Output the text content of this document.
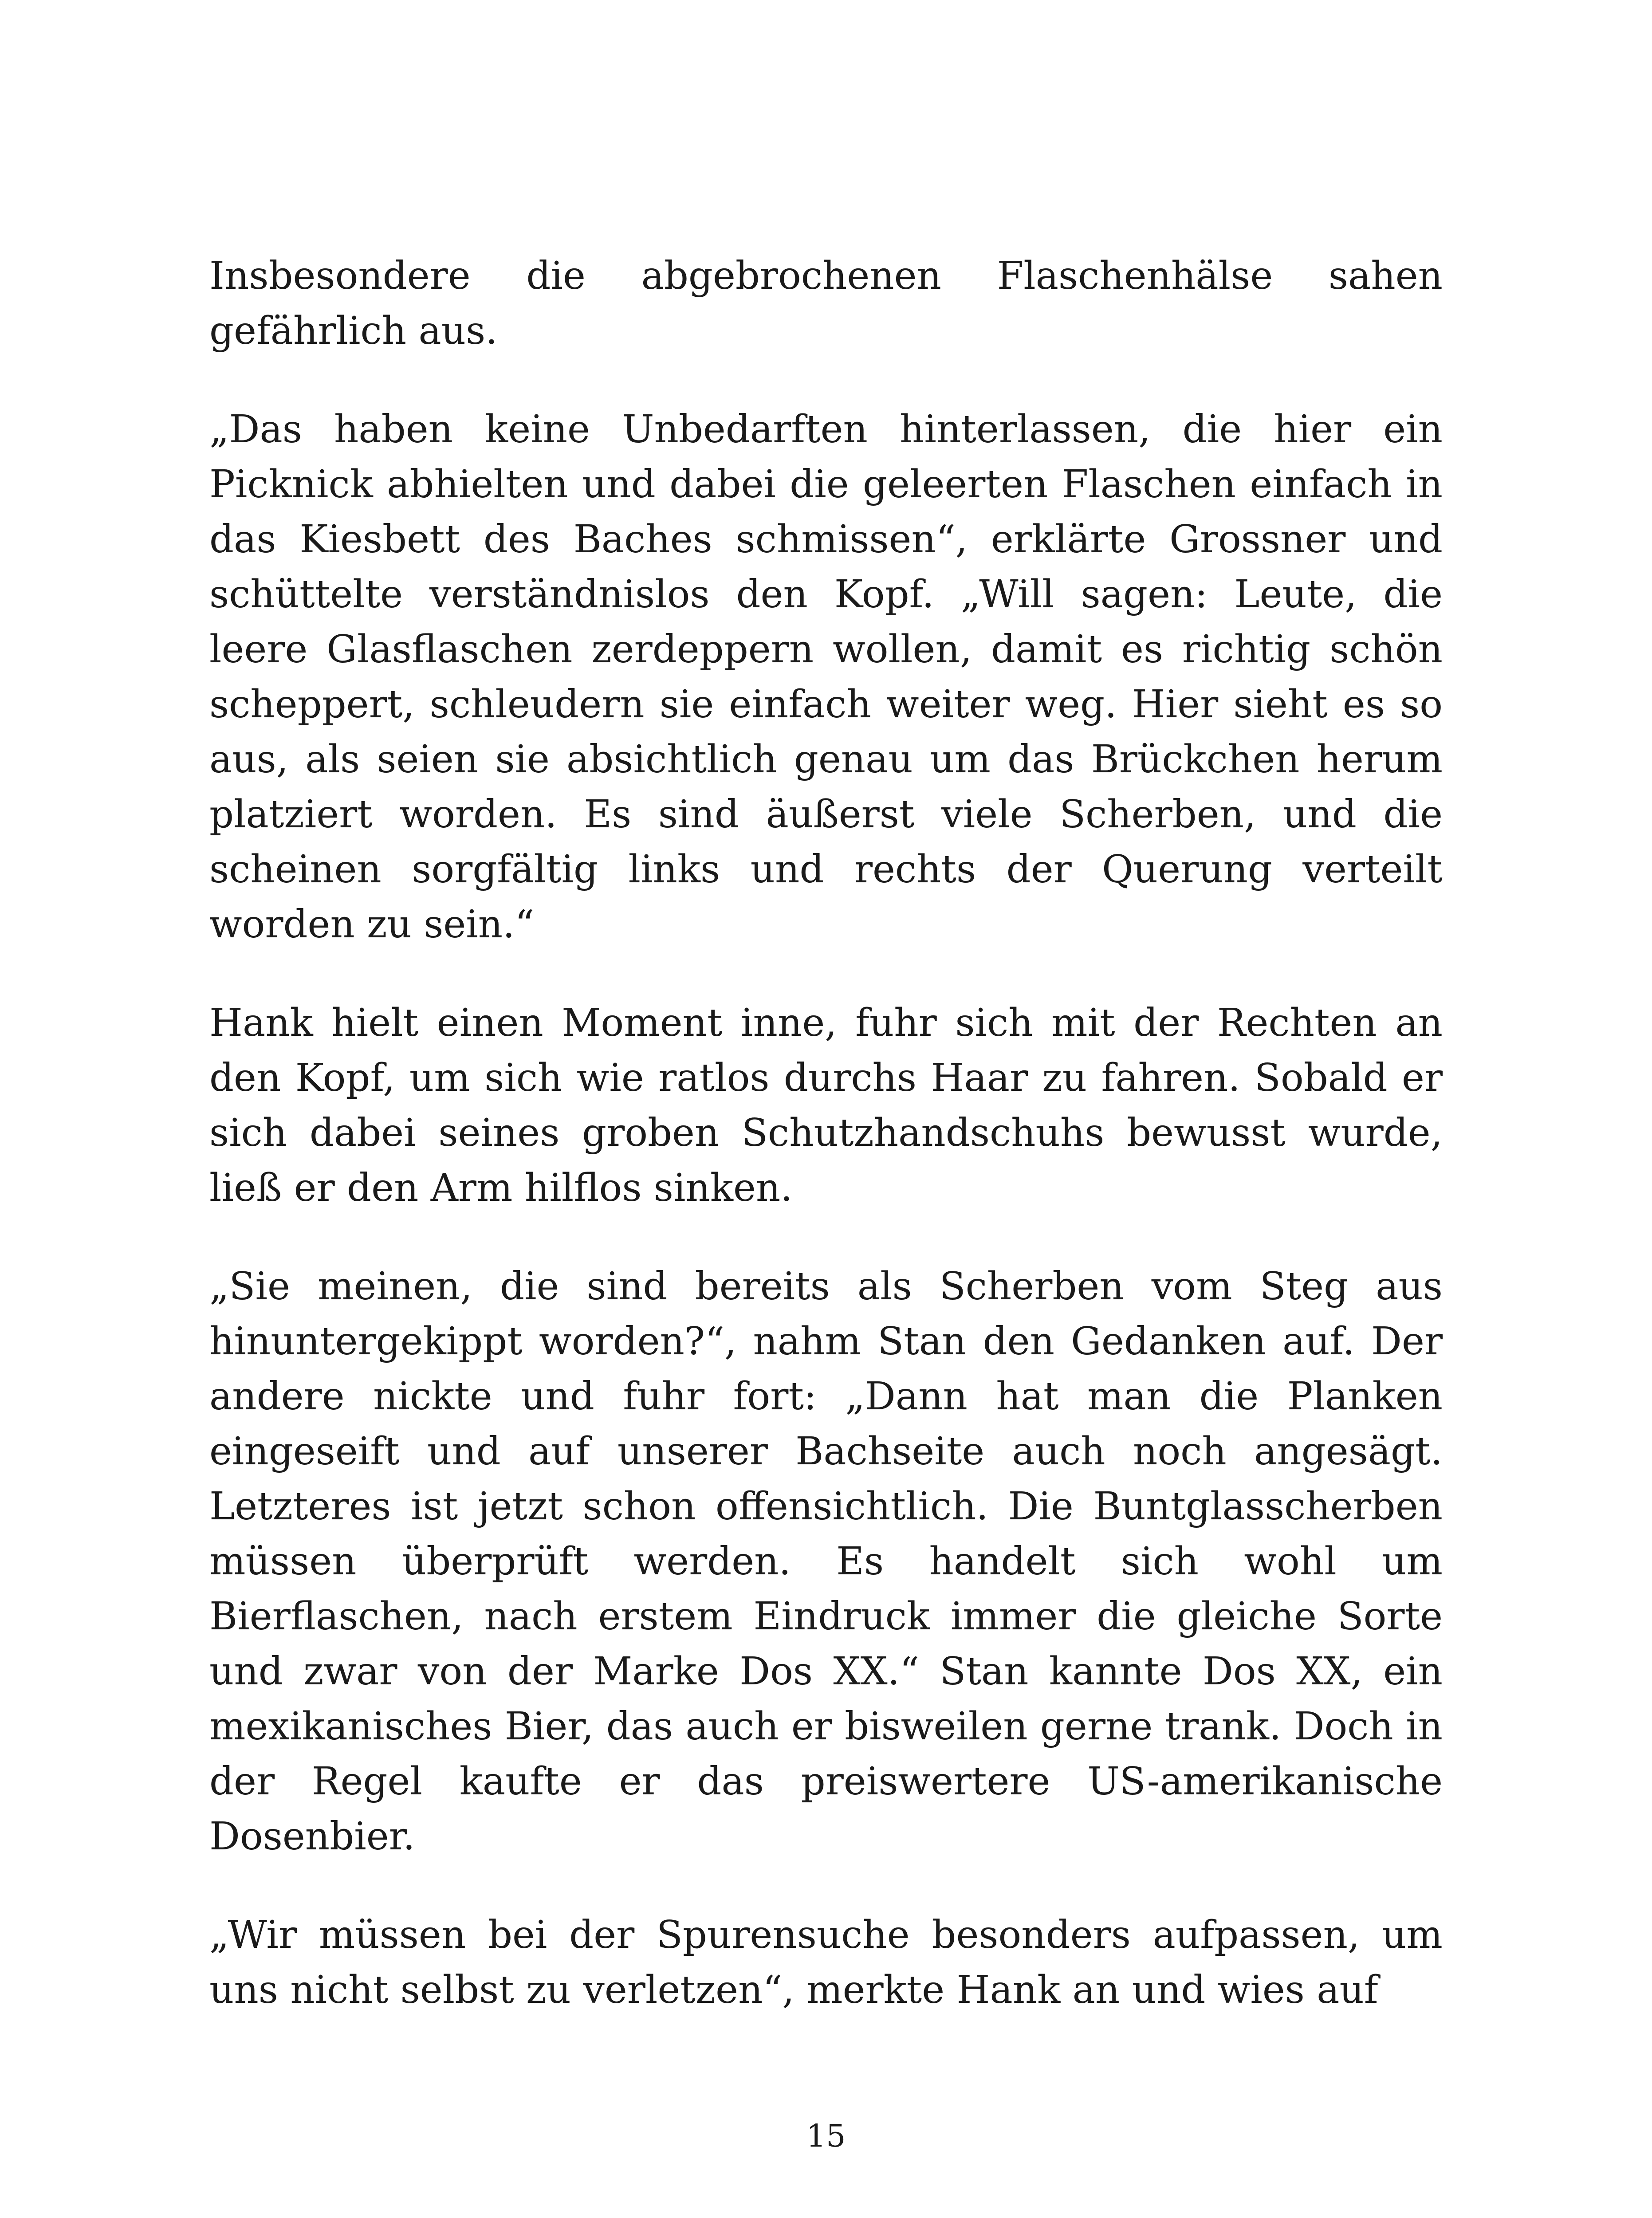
Insbesondere die abgebrochenen Flaschenhälse sahen gefährlich aus.

„Das haben keine Unbedarften hinterlassen, die hier ein Picknick abhielten und dabei die geleerten Flaschen einfach in das Kiesbett des Baches schmissen“, erklärte Grossner und schüttelte verständnislos den Kopf. „Will sagen: Leute, die leere Glasflaschen zerdeppern wollen, damit es richtig schön scheppert, schleudern sie einfach weiter weg. Hier sieht es so aus, als seien sie absichtlich genau um das Brückchen herum platziert worden. Es sind äußerst viele Scherben, und die scheinen sorgfältig links und rechts der Querung verteilt worden zu sein.“

Hank hielt einen Moment inne, fuhr sich mit der Rechten an den Kopf, um sich wie ratlos durchs Haar zu fahren. Sobald er sich dabei seines groben Schutzhandschuhs bewusst wurde, ließ er den Arm hilflos sinken.

„Sie meinen, die sind bereits als Scherben vom Steg aus hinuntergekippt worden?“, nahm Stan den Gedanken auf. Der andere nickte und fuhr fort: „Dann hat man die Planken eingeseift und auf unserer Bachseite auch noch angesägt. Letzteres ist jetzt schon offensichtlich. Die Buntglasscherben müssen überprüft werden. Es handelt sich wohl um Bierflaschen, nach erstem Eindruck immer die gleiche Sorte und zwar von der Marke Dos XX.“ Stan kannte Dos XX, ein mexikanisches Bier, das auch er bisweilen gerne trank. Doch in der Regel kaufte er das preiswertere US-amerikanische Dosenbier.

„Wir müssen bei der Spurensuche besonders aufpassen, um uns nicht selbst zu verletzen“, merkte Hank an und wies auf

15
